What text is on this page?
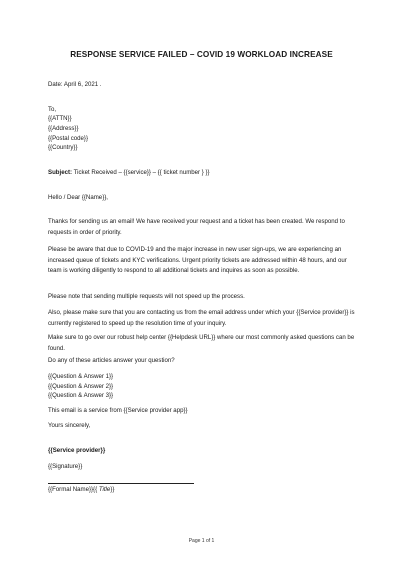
RESPONSE SERVICE FAILED – COVID 19 WORKLOAD INCREASE
Date: April 6, 2021 .
To,
{{ATTN}}
{{Address}}
{{Postal code}}
{{Country}}
Subject: Ticket Received – {{service}} – {{ ticket number } }}
Hello / Dear {{Name}},
Thanks for sending us an email! We have received your request and a ticket has been created. We respond to requests in order of priority.
Please be aware that due to COVID-19 and the major increase in new user sign-ups, we are experiencing an increased queue of tickets and KYC verifications. Urgent priority tickets are addressed within 48 hours, and our team is working diligently to respond to all additional tickets and inquires as soon as possible.
Please note that sending multiple requests will not speed up the process.
Also, please make sure that you are contacting us from the email address under which your {{Service provider}} is currently registered to speed up the resolution time of your inquiry.
Make sure to go over our robust help center {{Helpdesk URL}} where our most commonly asked questions can be found.
Do any of these articles answer your question?
{{Question & Answer 1}}
{{Question & Answer 2}}
{{Question & Answer 3}}
This email is a service from {{Service provider app}}
Yours sincerely,
{{Service provider}}
{{Signature}}
{{Formal Name}}{{ Title}}
Page 1 of 1
